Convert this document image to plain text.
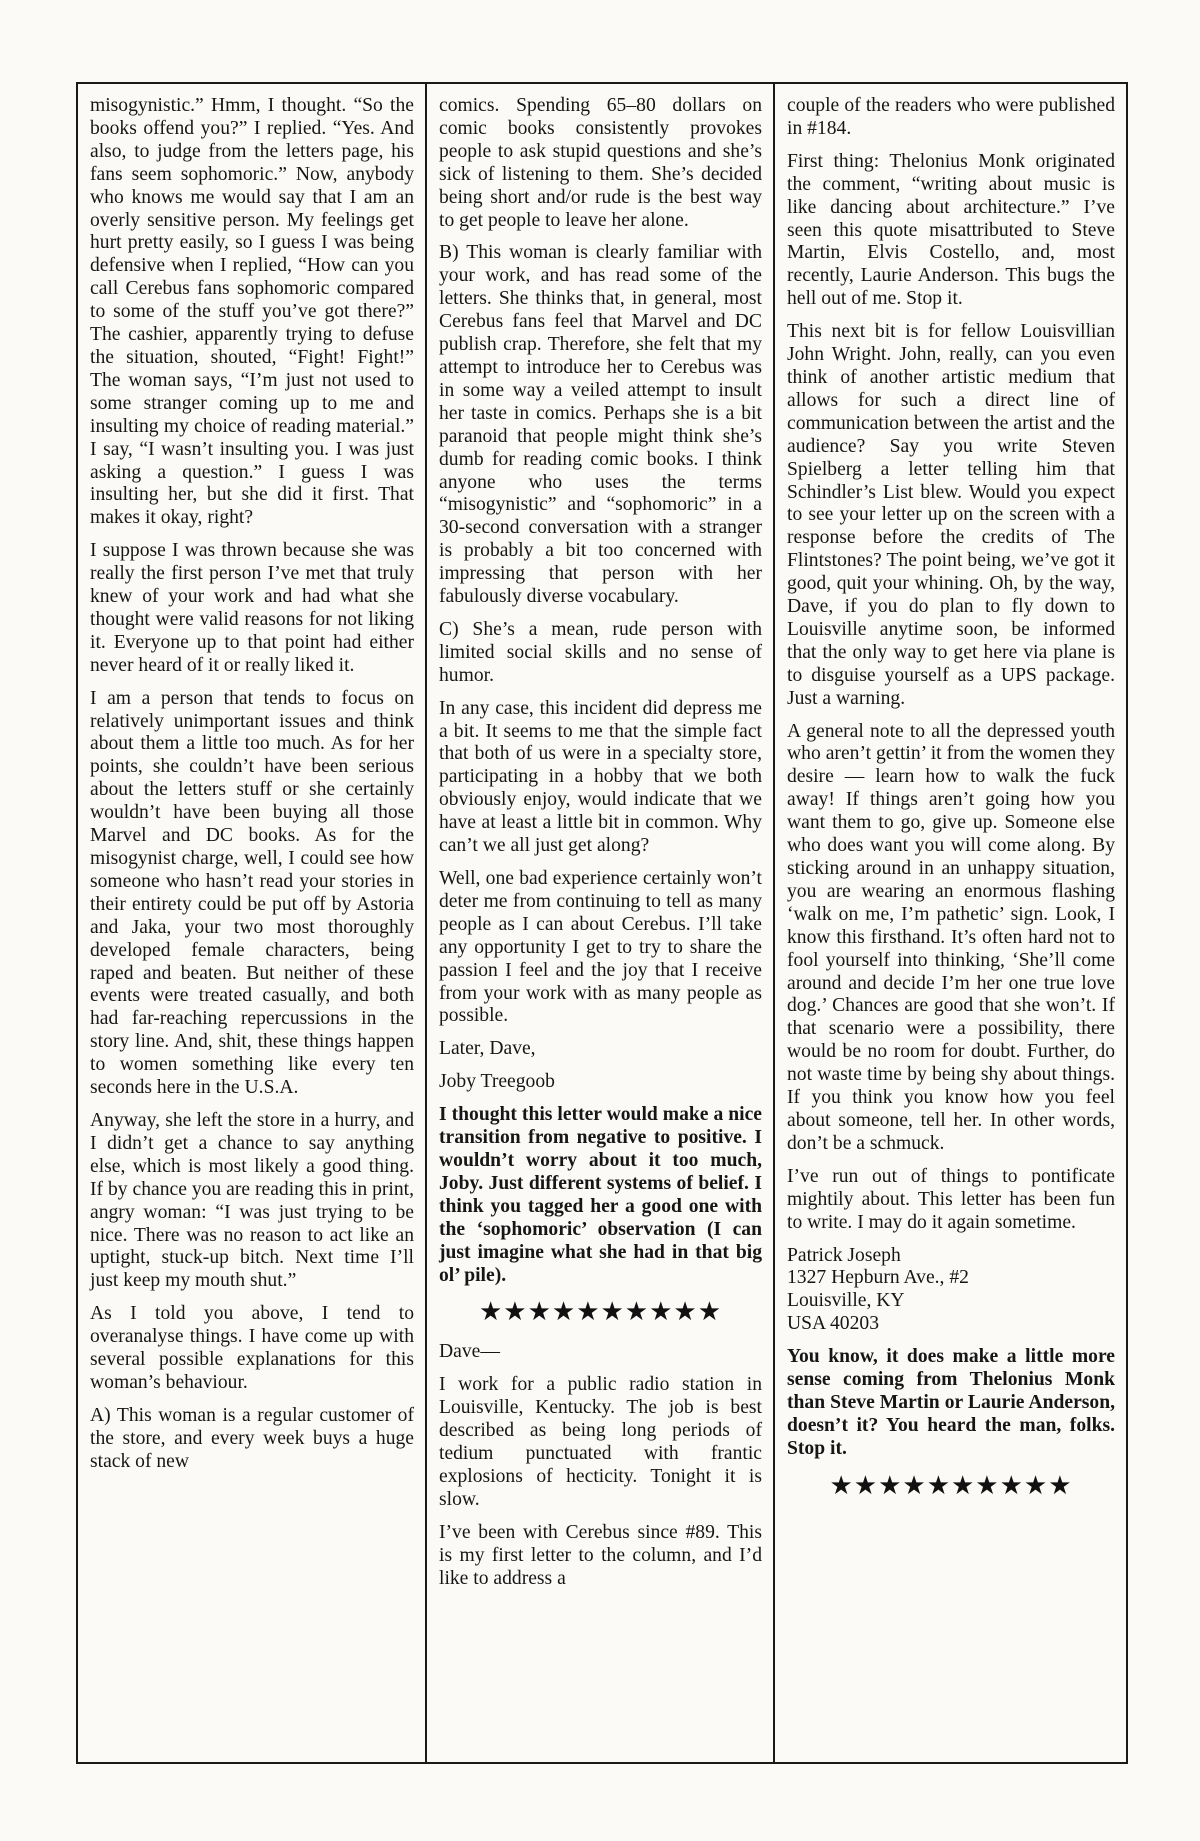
misogynistic.” Hmm, I thought. “So the books offend you?” I replied. “Yes. And also, to judge from the letters page, his fans seem sophomoric.” Now, anybody who knows me would say that I am an overly sensitive person. My feelings get hurt pretty easily, so I guess I was being defensive when I replied, “How can you call Cerebus fans sophomoric compared to some of the stuff you’ve got there?” The cashier, apparently trying to defuse the situation, shouted, “Fight! Fight!” The woman says, “I’m just not used to some stranger coming up to me and insulting my choice of reading material.” I say, “I wasn’t insulting you. I was just asking a question.” I guess I was insulting her, but she did it first. That makes it okay, right?

I suppose I was thrown because she was really the first person I’ve met that truly knew of your work and had what she thought were valid reasons for not liking it. Everyone up to that point had either never heard of it or really liked it.

I am a person that tends to focus on relatively unimportant issues and think about them a little too much. As for her points, she couldn’t have been serious about the letters stuff or she certainly wouldn’t have been buying all those Marvel and DC books. As for the misogynist charge, well, I could see how someone who hasn’t read your stories in their entirety could be put off by Astoria and Jaka, your two most thoroughly developed female characters, being raped and beaten. But neither of these events were treated casually, and both had far-reaching repercussions in the story line. And, shit, these things happen to women something like every ten seconds here in the U.S.A.

Anyway, she left the store in a hurry, and I didn’t get a chance to say anything else, which is most likely a good thing. If by chance you are reading this in print, angry woman: “I was just trying to be nice. There was no reason to act like an uptight, stuck-up bitch. Next time I’ll just keep my mouth shut.”

As I told you above, I tend to overanalyse things. I have come up with several possible explanations for this woman’s behaviour.

A) This woman is a regular customer of the store, and every week buys a huge stack of new

comics. Spending 65–80 dollars on comic books consistently provokes people to ask stupid questions and she’s sick of listening to them. She’s decided being short and/or rude is the best way to get people to leave her alone.

B) This woman is clearly familiar with your work, and has read some of the letters. She thinks that, in general, most Cerebus fans feel that Marvel and DC publish crap. Therefore, she felt that my attempt to introduce her to Cerebus was in some way a veiled attempt to insult her taste in comics. Perhaps she is a bit paranoid that people might think she’s dumb for reading comic books. I think anyone who uses the terms “misogynistic” and “sophomoric” in a 30-second conversation with a stranger is probably a bit too concerned with impressing that person with her fabulously diverse vocabulary.

C) She’s a mean, rude person with limited social skills and no sense of humor.

In any case, this incident did depress me a bit. It seems to me that the simple fact that both of us were in a specialty store, participating in a hobby that we both obviously enjoy, would indicate that we have at least a little bit in common. Why can’t we all just get along?

Well, one bad experience certainly won’t deter me from continuing to tell as many people as I can about Cerebus. I’ll take any opportunity I get to try to share the passion I feel and the joy that I receive from your work with as many people as possible.

Later, Dave,

Joby Treegoob

I thought this letter would make a nice transition from negative to positive. I wouldn’t worry about it too much, Joby. Just different systems of belief. I think you tagged her a good one with the ‘sophomoric’ observation (I can just imagine what she had in that big ol’ pile).

★★★★★★★★★★

Dave—

I work for a public radio station in Louisville, Kentucky. The job is best described as being long periods of tedium punctuated with frantic explosions of hecticity. Tonight it is slow.

I’ve been with Cerebus since #89. This is my first letter to the column, and I’d like to address a

couple of the readers who were published in #184.

First thing: Thelonius Monk originated the comment, “writing about music is like dancing about architecture.” I’ve seen this quote misattributed to Steve Martin, Elvis Costello, and, most recently, Laurie Anderson. This bugs the hell out of me. Stop it.

This next bit is for fellow Louisvillian John Wright. John, really, can you even think of another artistic medium that allows for such a direct line of communication between the artist and the audience? Say you write Steven Spielberg a letter telling him that Schindler’s List blew. Would you expect to see your letter up on the screen with a response before the credits of The Flintstones? The point being, we’ve got it good, quit your whining. Oh, by the way, Dave, if you do plan to fly down to Louisville anytime soon, be informed that the only way to get here via plane is to disguise yourself as a UPS package. Just a warning.

A general note to all the depressed youth who aren’t gettin’ it from the women they desire — learn how to walk the fuck away! If things aren’t going how you want them to go, give up. Someone else who does want you will come along. By sticking around in an unhappy situation, you are wearing an enormous flashing ‘walk on me, I’m pathetic’ sign. Look, I know this firsthand. It’s often hard not to fool yourself into thinking, ‘She’ll come around and decide I’m her one true love dog.’ Chances are good that she won’t. If that scenario were a possibility, there would be no room for doubt. Further, do not waste time by being shy about things. If you think you know how you feel about someone, tell her. In other words, don’t be a schmuck.

I’ve run out of things to pontificate mightily about. This letter has been fun to write. I may do it again sometime.

Patrick Joseph
1327 Hepburn Ave., #2
Louisville, KY
USA 40203

You know, it does make a little more sense coming from Thelonius Monk than Steve Martin or Laurie Anderson, doesn’t it? You heard the man, folks. Stop it.

★★★★★★★★★★
